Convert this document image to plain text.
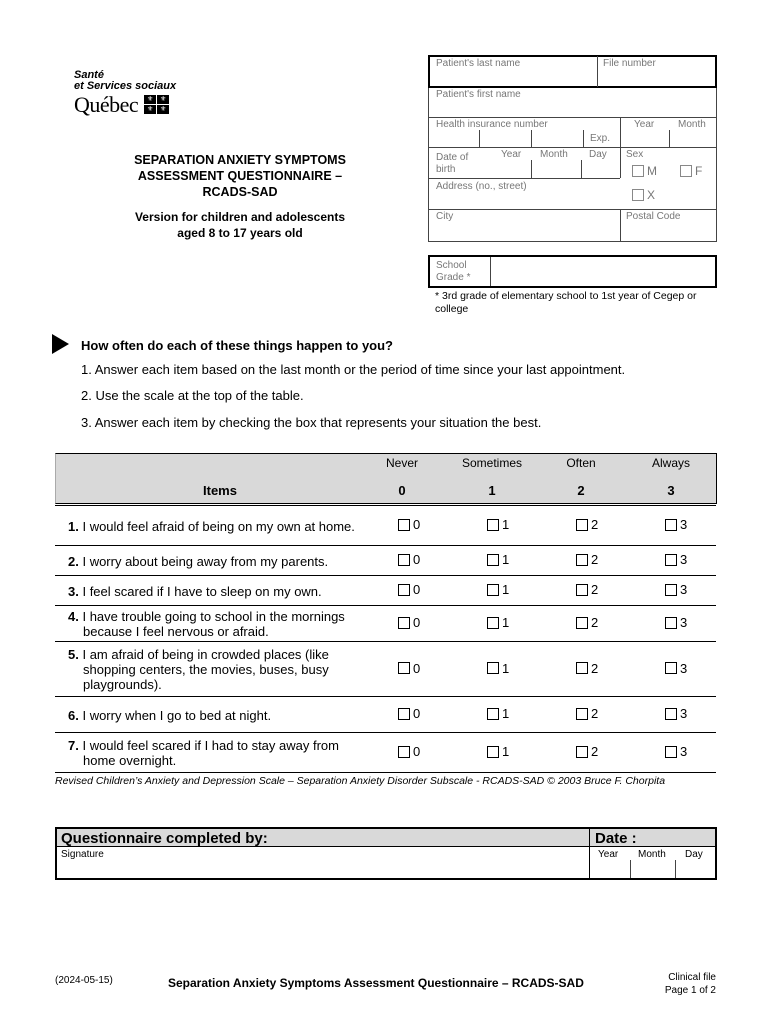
Santé
et Services sociaux
Québec	⚜ ⚜
⚜ ⚜
SEPARATION ANXIETY SYMPTOMS
ASSESSMENT QUESTIONNAIRE –
RCADS-SAD
Version for children and adolescents
aged 8 to 17 years old
Patient's last name	File number
Patient's first name
Health insurance number
Exp.
Year Month
Date of birth
Year Month Day Sex
M	F
X
Address (no., street)
City	Postal Code
School Grade *
* 3rd grade of elementary school to 1st year of Cegep or college
How often do each of these things happen to you?
1. Answer each item based on the last month or the period of time since your last appointment.
2. Use the scale at the top of the table.
3. Answer each item by checking the box that represents your situation the best.
Never	Sometimes	Often	Always
Items	0	1	2	3
1. I would feel afraid of being on my own at home.	0	1	2	3
2. I worry about being away from my parents.	0	1	2	3
3. I feel scared if I have to sleep on my own.	0	1	2	3
4. I have trouble going to school in the mornings because I feel nervous or afraid.
0	1	2	3
5. I am afraid of being in crowded places (like shopping centers, the movies, buses, busy playgrounds).
0	1	2	3
6. I worry when I go to bed at night.	0	1	2	3
7. I would feel scared if I had to stay away from home overnight.
0	1	2	3
Revised Children’s Anxiety and Depression Scale – Separation Anxiety Disorder Subscale - RCADS-SAD © 2003 Bruce F. Chorpita
Questionnaire completed by:	Date :
Signature	Year Month Day
(2024-05-15)	Separation Anxiety Symptoms Assessment Questionnaire – RCADS-SAD	Clinical file
Page 1 of 2
